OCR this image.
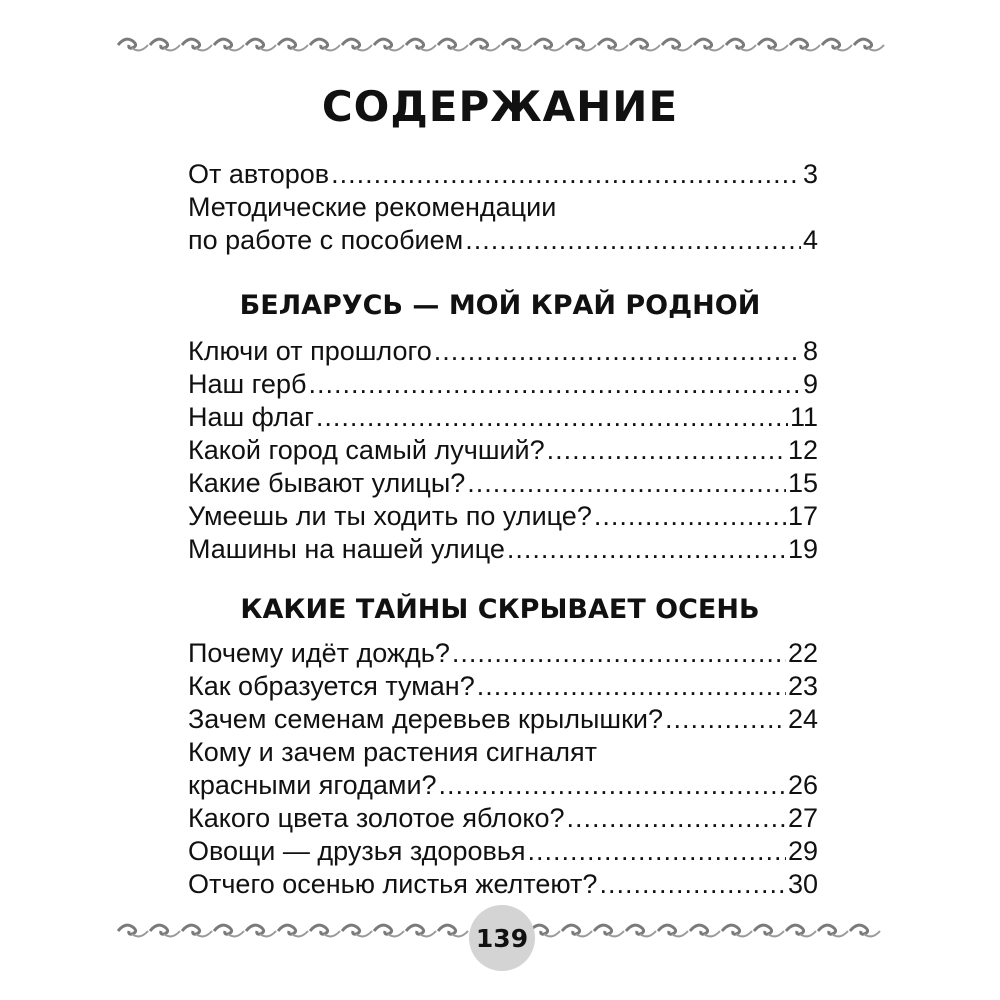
СОДЕРЖАНИЕ
От авторов .....	3
Методические рекомендации
по работе с пособием .....	4
БЕЛАРУСЬ — МОЙ КРАЙ РОДНОЙ
Ключи от прошлого .....	8
Наш герб .....	9
Наш флаг .....	11
Какой город самый лучший? .....	12
Какие бывают улицы? .....	15
Умеешь ли ты ходить по улице? .....	17
Машины на нашей улице .....	19
КАКИЕ ТАЙНЫ СКРЫВАЕТ ОСЕНЬ
Почему идёт дождь? .....	22
Как образуется туман? .....	23
Зачем семенам деревьев крылышки? .....	24
Кому и зачем растения сигналят
красными ягодами? .....	26
Какого цвета золотое яблоко? .....	27
Овощи — друзья здоровья .....	29
Отчего осенью листья желтеют? .....	30
139
